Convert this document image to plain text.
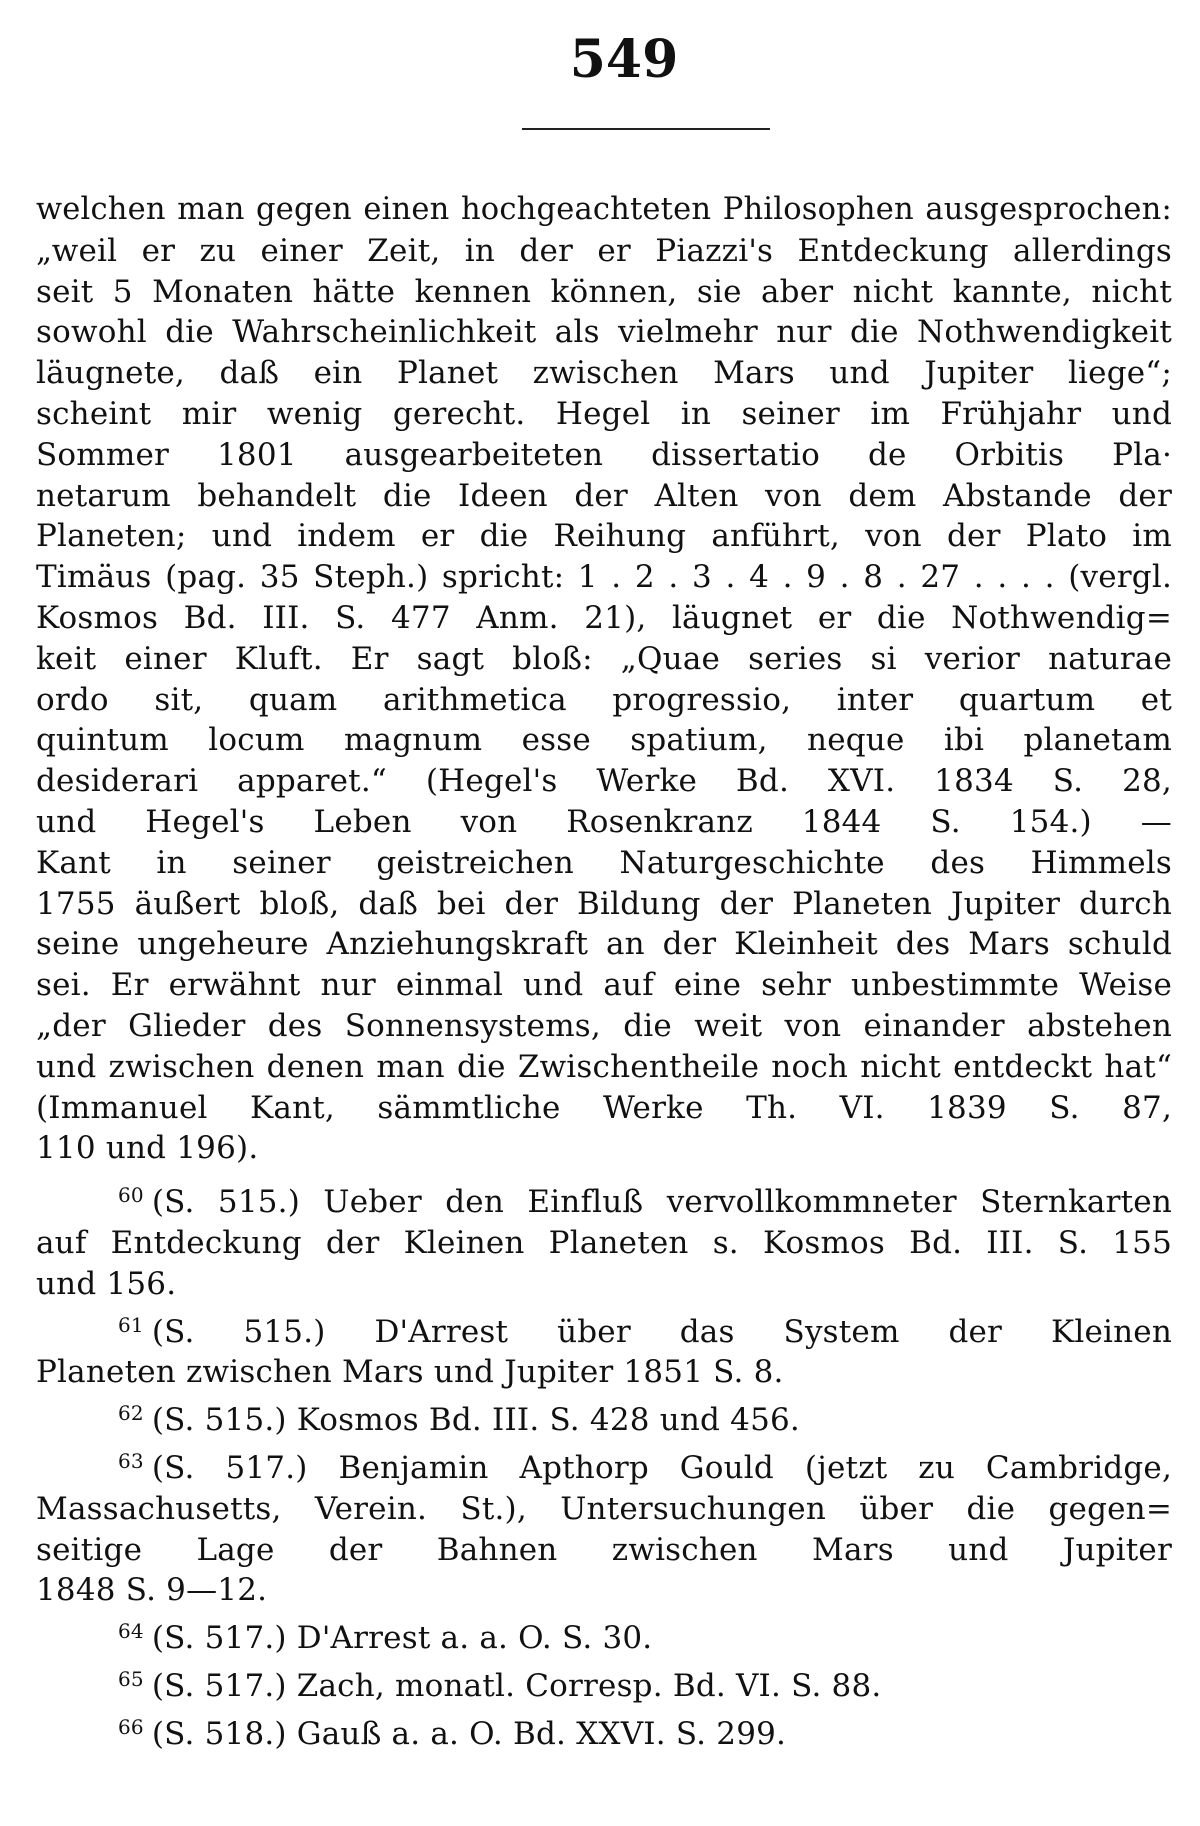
549
welchen man gegen einen hochgeachteten Philosophen ausgesprochen:
„weil er zu einer Zeit, in der er Piazzi's Entdeckung allerdings
seit 5 Monaten hätte kennen können, sie aber nicht kannte, nicht
sowohl die Wahrscheinlichkeit als vielmehr nur die Nothwendigkeit
läugnete, daß ein Planet zwischen Mars und Jupiter liege“;
scheint mir wenig gerecht. Hegel in seiner im Frühjahr und
Sommer 1801 ausgearbeiteten dissertatio de Orbitis Pla·
netarum behandelt die Ideen der Alten von dem Abstande der
Planeten; und indem er die Reihung anführt, von der Plato im
Timäus (pag. 35 Steph.) spricht: 1 . 2 . 3 . 4 . 9 . 8 . 27 . . . . (vergl.
Kosmos Bd. III. S. 477 Anm. 21), läugnet er die Nothwendig=
keit einer Kluft. Er sagt bloß: „Quae series si verior naturae
ordo sit, quam arithmetica progressio, inter quartum et
quintum locum magnum esse spatium, neque ibi planetam
desiderari apparet.“ (Hegel's Werke Bd. XVI. 1834 S. 28,
und Hegel's Leben von Rosenkranz 1844 S. 154.) —
Kant in seiner geistreichen Naturgeschichte des Himmels
1755 äußert bloß, daß bei der Bildung der Planeten Jupiter durch
seine ungeheure Anziehungskraft an der Kleinheit des Mars schuld
sei. Er erwähnt nur einmal und auf eine sehr unbestimmte Weise
„der Glieder des Sonnensystems, die weit von einander abstehen
und zwischen denen man die Zwischentheile noch nicht entdeckt hat“
(Immanuel Kant, sämmtliche Werke Th. VI. 1839 S. 87,
110 und 196).
$^{60}$ (S. 515.) Ueber den Einfluß vervollkommneter Sternkarten
auf Entdeckung der Kleinen Planeten s. Kosmos Bd. III. S. 155
und 156.
$^{61}$ (S. 515.) D'Arrest über das System der Kleinen
Planeten zwischen Mars und Jupiter 1851 S. 8.
$^{62}$ (S. 515.) Kosmos Bd. III. S. 428 und 456.
$^{63}$ (S. 517.) Benjamin Apthorp Gould (jetzt zu Cambridge,
Massachusetts, Verein. St.), Untersuchungen über die gegen=
seitige Lage der Bahnen zwischen Mars und Jupiter
1848 S. 9—12.
$^{64}$ (S. 517.) D'Arrest a. a. O. S. 30.
$^{65}$ (S. 517.) Zach, monatl. Corresp. Bd. VI. S. 88.
$^{66}$ (S. 518.) Gauß a. a. O. Bd. XXVI. S. 299.
